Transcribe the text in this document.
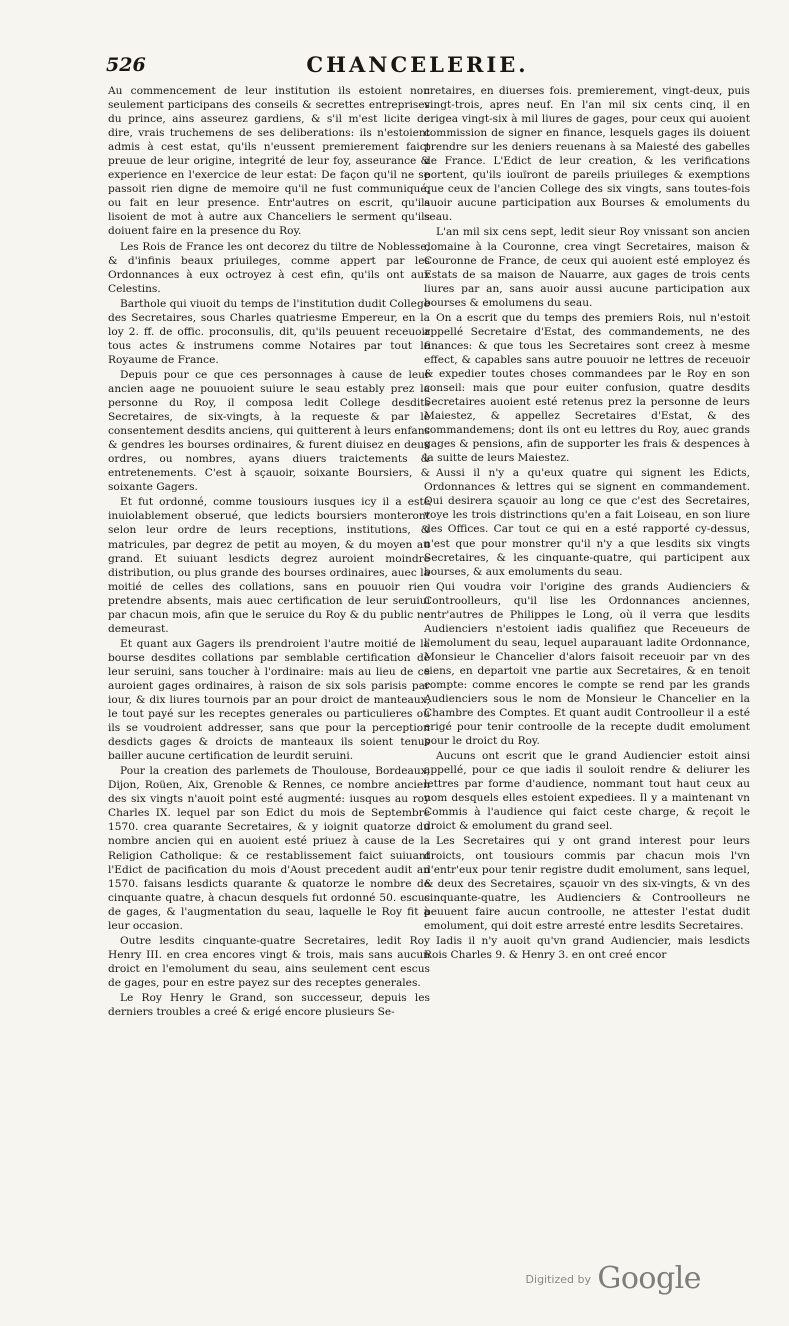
526	CHANCELERIE.

Au commencement de leur institution ils estoient non seulement participans des conseils & secrettes entreprises du prince, ains asseurez gardiens, & s'il m'est licite de dire, vrais truchemens de ses deliberations: ils n'estoient admis à cest estat, qu'ils n'eussent premierement faict preuue de leur origine, integrité de leur foy, asseurance & experience en l'exercice de leur estat: De façon qu'il ne se passoit rien digne de memoire qu'il ne fust communiqué, ou fait en leur presence. Entr'autres on escrit, qu'ils lisoient de mot à autre aux Chanceliers le serment qu'ils doiuent faire en la presence du Roy.

Les Rois de France les ont decorez du tiltre de Noblesse, & d'infinis beaux priuileges, comme appert par les Ordonnances à eux octroyez à cest efin, qu'ils ont aux Celestins.

Barthole qui viuoit du temps de l'institution dudit College des Secretaires, sous Charles quatriesme Empereur, en la loy 2. ff. de offic. proconsulis, dit, qu'ils peuuent receuoir tous actes & instrumens comme Notaires par tout le Royaume de France.

Depuis pour ce que ces personnages à cause de leur ancien aage ne pouuoient suiure le seau estably prez la personne du Roy, il composa ledit College desdits Secretaires, de six-vingts, à la requeste & par le consentement desdits anciens, qui quitterent à leurs enfans & gendres les bourses ordinaires, & furent diuisez en deux ordres, ou nombres, ayans diuers traictements & entretenements. C'est à sçauoir, soixante Boursiers, & soixante Gagers.

Et fut ordonné, comme tousiours iusques icy il a esté inuiolablement obserué, que ledicts boursiers monteront selon leur ordre de leurs receptions, institutions, & matricules, par degrez de petit au moyen, & du moyen au grand. Et suiuant lesdicts degrez auroient moindre distribution, ou plus grande des bourses ordinaires, auec la moitié de celles des collations, sans en pouuoir rien pretendre absents, mais auec certification de leur seruiui par chacun mois, afin que le seruice du Roy & du public ne demeurast.

Et quant aux Gagers ils prendroient l'autre moitié de la bourse desdites collations par semblable certification de leur seruini, sans toucher à l'ordinaire: mais au lieu de ce auroient gages ordinaires, à raison de six sols parisis par iour, & dix liures tournois par an pour droict de manteaux, le tout payé sur les receptes generales ou particulieres où ils se voudroient addresser, sans que pour la perception desdicts gages & droicts de manteaux ils soient tenus bailler aucune certification de leurdit seruini.

Pour la creation des parlemets de Thoulouse, Bordeaux, Dijon, Roüen, Aix, Grenoble & Rennes, ce nombre ancien des six vingts n'auoit point esté augmenté: iusques au roy Charles IX. lequel par son Edict du mois de Septembre 1570. crea quarante Secretaires, & y ioignit quatorze du nombre ancien qui en auoient esté priuez à cause de la Religion Catholique: & ce restablissement faict suiuant l'Edict de pacification du mois d'Aoust precedent audit an 1570. faisans lesdicts quarante & quatorze le nombre de cinquante quatre, à chacun desquels fut ordonné 50. escus de gages, & l'augmentation du seau, laquelle le Roy fit à leur occasion.

Outre lesdits cinquante-quatre Secretaires, ledit Roy Henry III. en crea encores vingt & trois, mais sans aucun droict en l'emolument du seau, ains seulement cent escus de gages, pour en estre payez sur des receptes generales.

Le Roy Henry le Grand, son successeur, depuis les derniers troubles a creé & erigé encore plusieurs Se-

cretaires, en diuerses fois. premierement, vingt-deux, puis vingt-trois, apres neuf. En l'an mil six cents cinq, il en erigea vingt-six à mil liures de gages, pour ceux qui auoient commission de signer en finance, lesquels gages ils doiuent prendre sur les deniers reuenans à sa Maiesté des gabelles de France. L'Edict de leur creation, & les verifications portent, qu'ils iouïront de pareils priuileges & exemptions que ceux de l'ancien College des six vingts, sans toutes-fois auoir aucune participation aux Bourses & emoluments du seau.

L'an mil six cens sept, ledit sieur Roy vnissant son ancien domaine à la Couronne, crea vingt Secretaires, maison & Couronne de France, de ceux qui auoient esté employez és Estats de sa maison de Nauarre, aux gages de trois cents liures par an, sans auoir aussi aucune participation aux bourses & emolumens du seau.

On a escrit que du temps des premiers Rois, nul n'estoit appellé Secretaire d'Estat, des commandements, ne des finances: & que tous les Secretaires sont creez à mesme effect, & capables sans autre pouuoir ne lettres de receuoir & expedier toutes choses commandees par le Roy en son conseil: mais que pour euiter confusion, quatre desdits Secretaires auoient esté retenus prez la personne de leurs Maiestez, & appellez Secretaires d'Estat, & des commandemens; dont ils ont eu lettres du Roy, auec grands gages & pensions, afin de supporter les frais & despences à la suitte de leurs Maiestez.

Aussi il n'y a qu'eux quatre qui signent les Edicts, Ordonnances & lettres qui se signent en commandement. Qui desirera sçauoir au long ce que c'est des Secretaires, voye les trois distrinctions qu'en a fait Loiseau, en son liure des Offices. Car tout ce qui en a esté rapporté cy-dessus, n'est que pour monstrer qu'il n'y a que lesdits six vingts Secretaires, & les cinquante-quatre, qui participent aux bourses, & aux emoluments du seau.

Qui voudra voir l'origine des grands Audienciers & Controolleurs, qu'il lise les Ordonnances anciennes, entr'autres de Philippes le Long, où il verra que lesdits Audienciers n'estoient iadis qualifiez que Receueurs de l'emolument du seau, lequel auparauant ladite Ordonnance, Monsieur le Chancelier d'alors faisoit receuoir par vn des siens, en departoit vne partie aux Secretaires, & en tenoit compte: comme encores le compte se rend par les grands Audienciers sous le nom de Monsieur le Chancelier en la Chambre des Comptes. Et quant audit Controolleur il a esté erigé pour tenir controolle de la recepte dudit emolument pour le droict du Roy.

Aucuns ont escrit que le grand Audiencier estoit ainsi appellé, pour ce que iadis il souloit rendre & deliurer les lettres par forme d'audience, nommant tout haut ceux au nom desquels elles estoient expediees. Il y a maintenant vn Commis à l'audience qui faict ceste charge, & reçoit le droict & emolument du grand seel.

Les Secretaires qui y ont grand interest pour leurs droicts, ont tousiours commis par chacun mois l'vn d'entr'eux pour tenir registre dudit emolument, sans lequel, & deux des Secretaires, sçauoir vn des six-vingts, & vn des cinquante-quatre, les Audienciers & Controolleurs ne peuuent faire aucun controolle, ne attester l'estat dudit emolument, qui doit estre arresté entre lesdits Secretaires.

Iadis il n'y auoit qu'vn grand Audiencier, mais lesdicts Rois Charles 9. & Henry 3. en ont creé encor

Digitized by Google
